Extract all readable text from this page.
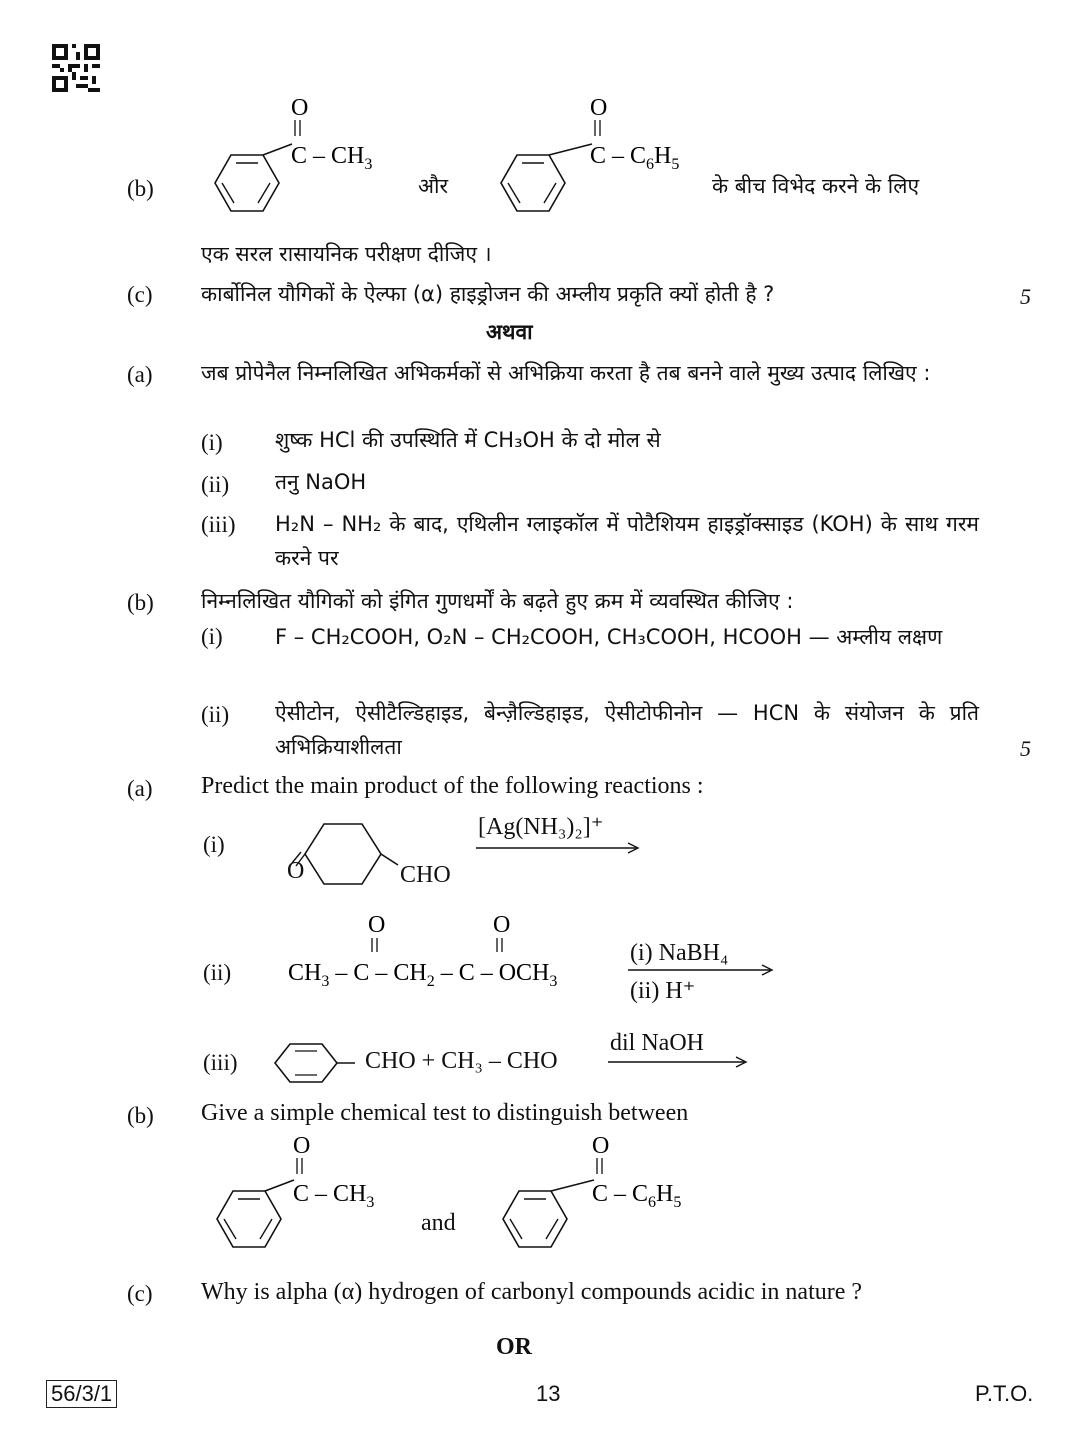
(b)
O
C – $CH_3$
और
O
C – $C_6H_5$
के बीच विभेद करने के लिए
एक सरल रासायनिक परीक्षण दीजिए ।
(c) कार्बोनिल यौगिकों के ऐल्फा (α) हाइड्रोजन की अम्लीय प्रकृति क्यों होती है ?	5
अथवा
(a) जब प्रोपेनैल निम्नलिखित अभिकर्मकों से अभिक्रिया करता है तब बनने वाले मुख्य उत्पाद लिखिए :
(i) शुष्क HCl की उपस्थिति में CH₃OH के दो मोल से
(ii) तनु NaOH
(iii) H₂N – NH₂ के बाद, एथिलीन ग्लाइकॉल में पोटैशियम हाइड्रॉक्साइड (KOH) के साथ गरम करने पर
(b) निम्नलिखित यौगिकों को इंगित गुणधर्मों के बढ़ते हुए क्रम में व्यवस्थित कीजिए :
(i) F – CH₂COOH, O₂N – CH₂COOH, CH₃COOH, HCOOH — अम्लीय लक्षण
(ii) ऐसीटोन, ऐसीटैल्डिहाइड, बेन्ज़ैल्डिहाइड, ऐसीटोफीनोन — HCN के संयोजन के प्रति अभिक्रियाशीलता	5
(a) Predict the main product of the following reactions :
(i)
O	CHO
[Ag(NH₃)₂]⁺
(ii)
O	O
$CH_3$ – C – $CH_2$ – C – $OCH_3$
(i) NaBH₄
(ii) H⁺
(iii)	CHO + CH₃ – CHO
dil NaOH
(b) Give a simple chemical test to distinguish between
O
C – $CH_3$
and
O
C – $C_6H_5$
(c) Why is alpha (α) hydrogen of carbonyl compounds acidic in nature ?
OR
56/3/1	13	P.T.O.
